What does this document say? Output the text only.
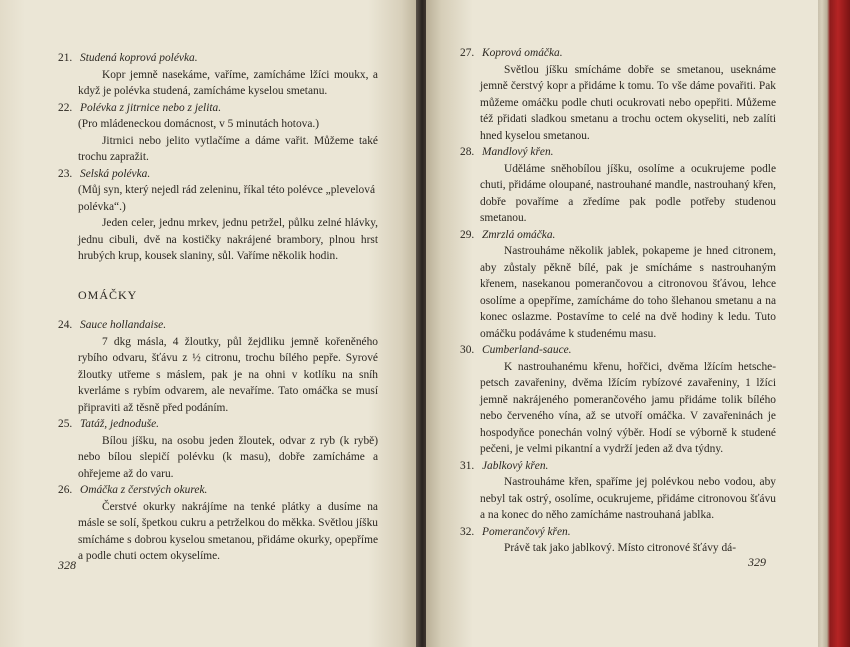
21. Studená koprová polévka.
Kopr jemně nasekáme, vaříme, zamícháme lžíci moukx, a když je polévka studená, zamícháme kyselou smetanu.
22. Polévka z jitrnice nebo z jelita.
(Pro mládeneckou domácnost, v 5 minutách hotova.)
Jitrnici nebo jelito vytlačíme a dáme vařit. Můžeme také trochu zapražit.
23. Selská polévka.
(Můj syn, který nejedl rád zeleninu, říkal této polévce „plevelová polévka“.)
Jeden celer, jednu mrkev, jednu petržel, půlku zelné hlávky, jednu cibuli, dvě na kostičky nakrájené brambory, plnou hrst hrubých krup, kousek slaniny, sůl. Vaříme několik hodin.
OMÁČKY
24. Sauce hollandaise.
7 dkg másla, 4 žloutky, půl žejdliku jemně kořeněného rybího odvaru, šťávu z ½ citronu, trochu bílého pepře. Syrové žloutky utřeme s máslem, pak je na ohni v kotlíku na sníh kverláme s rybím odvarem, ale nevaříme. Tato omáčka se musí připraviti až těsně před podáním.
25. Tatáž, jednoduše.
Bílou jíšku, na osobu jeden žloutek, odvar z ryb (k rybě) nebo bílou slepičí polévku (k masu), dobře zamícháme a ohřejeme až do varu.
26. Omáčka z čerstvých okurek.
Čerstvé okurky nakrájíme na tenké plátky a dusíme na másle se solí, špetkou cukru a petrželkou do měkka. Světlou jíšku smícháme s dobrou kyselou smetanou, přidáme okurky, opepříme a podle chuti octem okyselíme.
328
27. Koprová omáčka.
Světlou jíšku smícháme dobře se smetanou, useknáme jemně čerstvý kopr a přidáme k tomu. To vše dáme povařiti. Pak můžeme omáčku podle chuti ocukrovati nebo opepřiti. Můžeme též přidati sladkou smetanu a trochu octem okyseliti, neb zalíti hned kyselou smetanou.
28. Mandlový křen.
Uděláme sněhobílou jíšku, osolíme a ocukrujeme podle chuti, přidáme oloupané, nastrouhané mandle, nastrouhaný křen, dobře povaříme a zředíme pak podle potřeby studenou smetanou.
29. Zmrzlá omáčka.
Nastrouháme několik jablek, pokapeme je hned citronem, aby zůstaly pěkně bílé, pak je smícháme s nastrouhaným křenem, nasekanou pomerančovou a citronovou šťávou, lehce osolíme a opepříme, zamícháme do toho šlehanou smetanu a na konec oslazme. Postavíme to celé na dvě hodiny k ledu. Tuto omáčku podáváme k studenému masu.
30. Cumberland-sauce.
K nastrouhanému křenu, hořčici, dvěma lžícím hetsche-petsch zavařeniny, dvěma lžícím rybízové zavařeniny, 1 lžíci jemně nakrájeného pomerančového jamu přidáme tolik bílého nebo červeného vína, až se utvoří omáčka. V zavařeninách je hospodyňce ponechán volný výběr. Hodí se výborně k studené pečeni, je velmi pikantní a vydrží jeden až dva týdny.
31. Jablkový křen.
Nastrouháme křen, spaříme jej polévkou nebo vodou, aby nebyl tak ostrý, osolíme, ocukrujeme, přidáme citronovou šťávu a na konec do něho zamícháme nastrouhaná jablka.
32. Pomerančový křen.
Právě tak jako jablkový. Místo citronové šťávy dá-
329
